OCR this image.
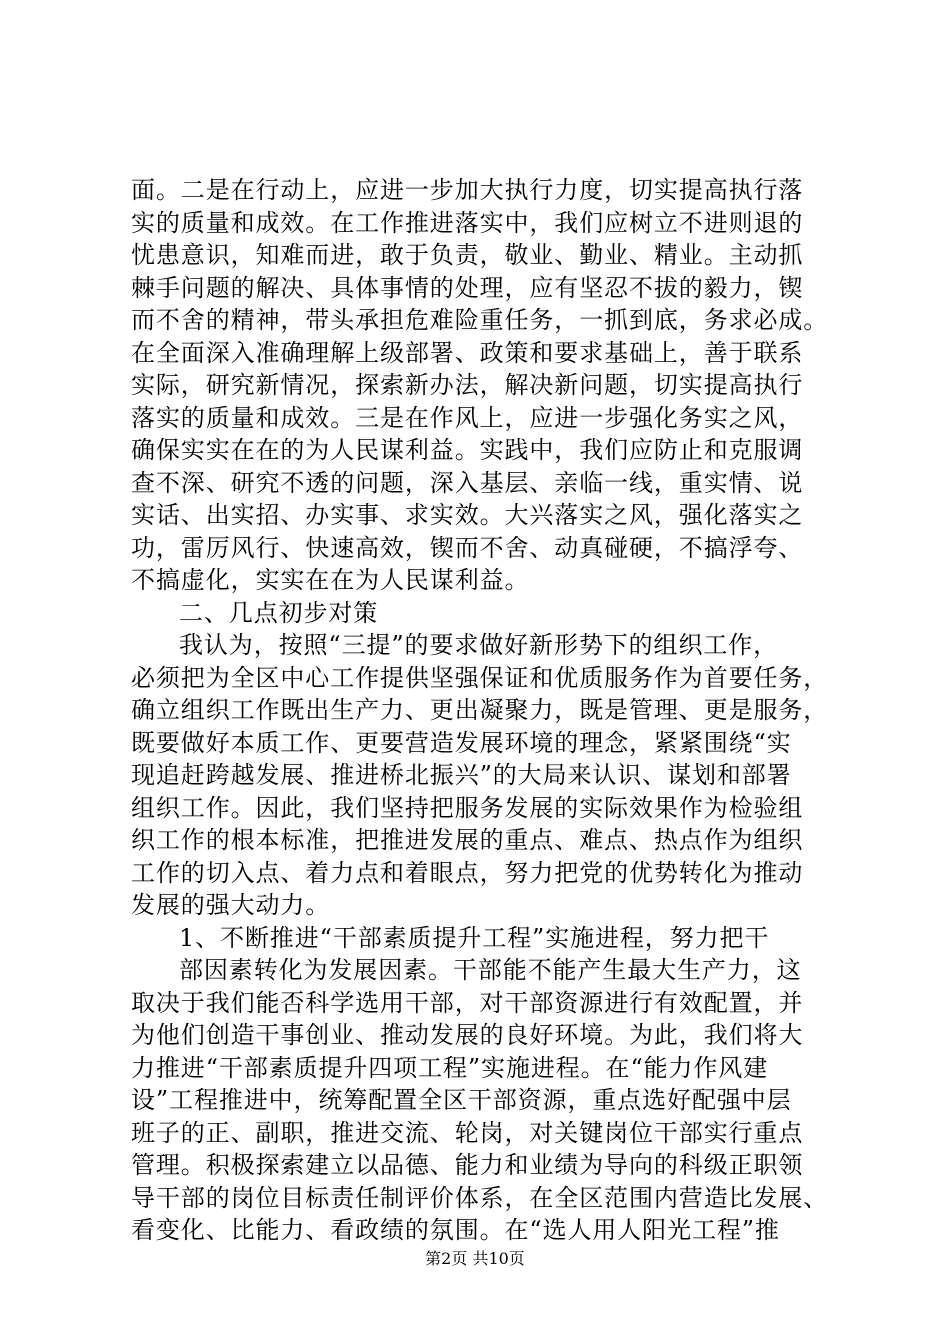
面。二是在行动上，应进一步加大执行力度，切实提高执行落

实的质量和成效。在工作推进落实中，我们应树立不进则退的

忧患意识，知难而进，敢于负责，敬业、勤业、精业。主动抓

棘手问题的解决、具体事情的处理，应有坚忍不拔的毅力，锲

而不舍的精神，带头承担危难险重任务，一抓到底，务求必成。

在全面深入准确理解上级部署、政策和要求基础上，善于联系

实际，研究新情况，探索新办法，解决新问题，切实提高执行

落实的质量和成效。三是在作风上，应进一步强化务实之风，

确保实实在在的为人民谋利益。实践中，我们应防止和克服调

查不深、研究不透的问题，深入基层、亲临一线，重实情、说

实话、出实招、办实事、求实效。大兴落实之风，强化落实之

功，雷厉风行、快速高效，锲而不舍、动真碰硬，不搞浮夸、

不搞虚化，实实在在为人民谋利益。

二、几点初步对策

我认为，按照“三提”的要求做好新形势下的组织工作，

必须把为全区中心工作提供坚强保证和优质服务作为首要任务，

确立组织工作既出生产力、更出凝聚力，既是管理、更是服务，

既要做好本质工作、更要营造发展环境的理念，紧紧围绕“实

现追赶跨越发展、推进桥北振兴”的大局来认识、谋划和部署

组织工作。因此，我们坚持把服务发展的实际效果作为检验组

织工作的根本标准，把推进发展的重点、难点、热点作为组织

工作的切入点、着力点和着眼点，努力把党的优势转化为推动

发展的强大动力。

1、不断推进“干部素质提升工程”实施进程，努力把干

部因素转化为发展因素。干部能不能产生最大生产力，这

取决于我们能否科学选用干部，对干部资源进行有效配置，并

为他们创造干事创业、推动发展的良好环境。为此，我们将大

力推进“干部素质提升四项工程”实施进程。在“能力作风建

设”工程推进中，统筹配置全区干部资源，重点选好配强中层

班子的正、副职，推进交流、轮岗，对关键岗位干部实行重点

管理。积极探索建立以品德、能力和业绩为导向的科级正职领

导干部的岗位目标责任制评价体系，在全区范围内营造比发展、

看变化、比能力、看政绩的氛围。在“选人用人阳光工程”推

第2页 共10页
